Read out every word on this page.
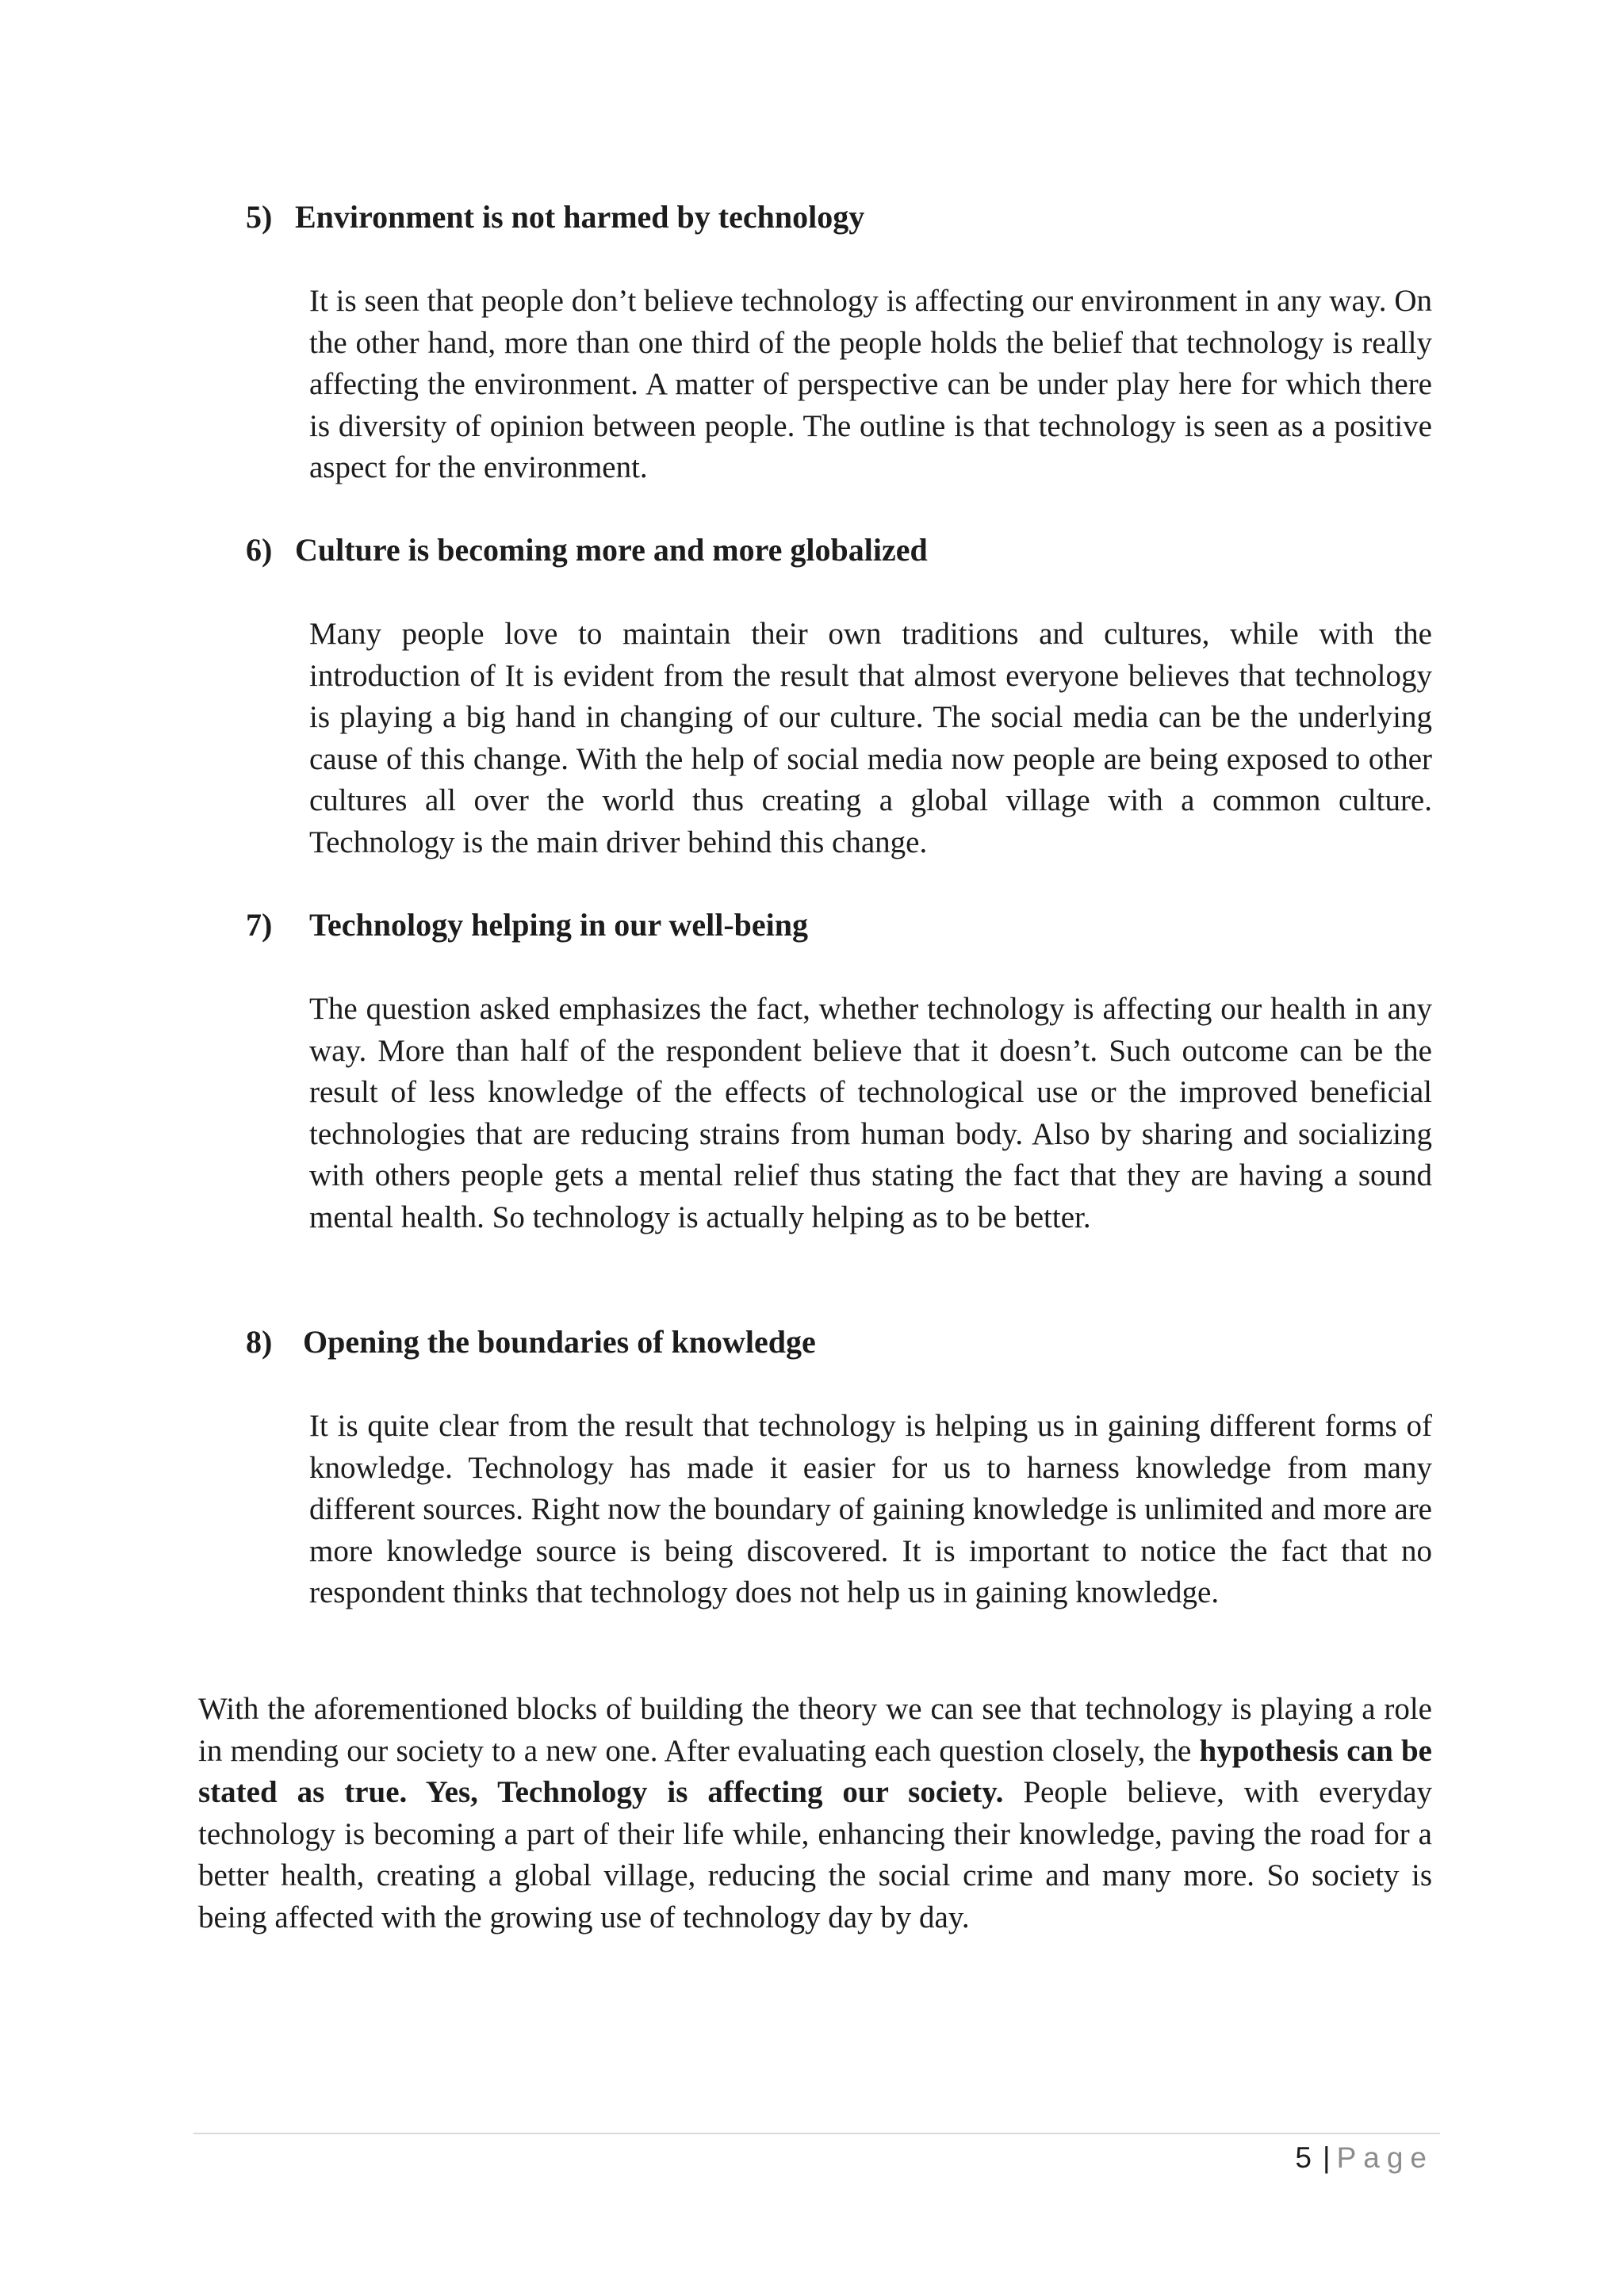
5) Environment is not harmed by technology

It is seen that people don’t believe technology is affecting our environment in any way. On the other hand, more than one third of the people holds the belief that technology is really affecting the environment. A matter of perspective can be under play here for which there is diversity of opinion between people. The outline is that technology is seen as a positive aspect for the environment.

6) Culture is becoming more and more globalized

Many people love to maintain their own traditions and cultures, while with the introduction of It is evident from the result that almost everyone believes that technology is playing a big hand in changing of our culture. The social media can be the underlying cause of this change. With the help of social media now people are being exposed to other cultures all over the world thus creating a global village with a common culture. Technology is the main driver behind this change.

7) Technology helping in our well-being

The question asked emphasizes the fact, whether technology is affecting our health in any way. More than half of the respondent believe that it doesn’t. Such outcome can be the result of less knowledge of the effects of technological use or the improved beneficial technologies that are reducing strains from human body. Also by sharing and socializing with others people gets a mental relief thus stating the fact that they are having a sound mental health. So technology is actually helping as to be better.

8) Opening the boundaries of knowledge

It is quite clear from the result that technology is helping us in gaining different forms of knowledge. Technology has made it easier for us to harness knowledge from many different sources. Right now the boundary of gaining knowledge is unlimited and more are more knowledge source is being discovered. It is important to notice the fact that no respondent thinks that technology does not help us in gaining knowledge.

With the aforementioned blocks of building the theory we can see that technology is playing a role in mending our society to a new one. After evaluating each question closely, the hypothesis can be stated as true. Yes, Technology is affecting our society. People believe, with everyday technology is becoming a part of their life while, enhancing their knowledge, paving the road for a better health, creating a global village, reducing the social crime and many more. So society is being affected with the growing use of technology day by day.

5 | Page
